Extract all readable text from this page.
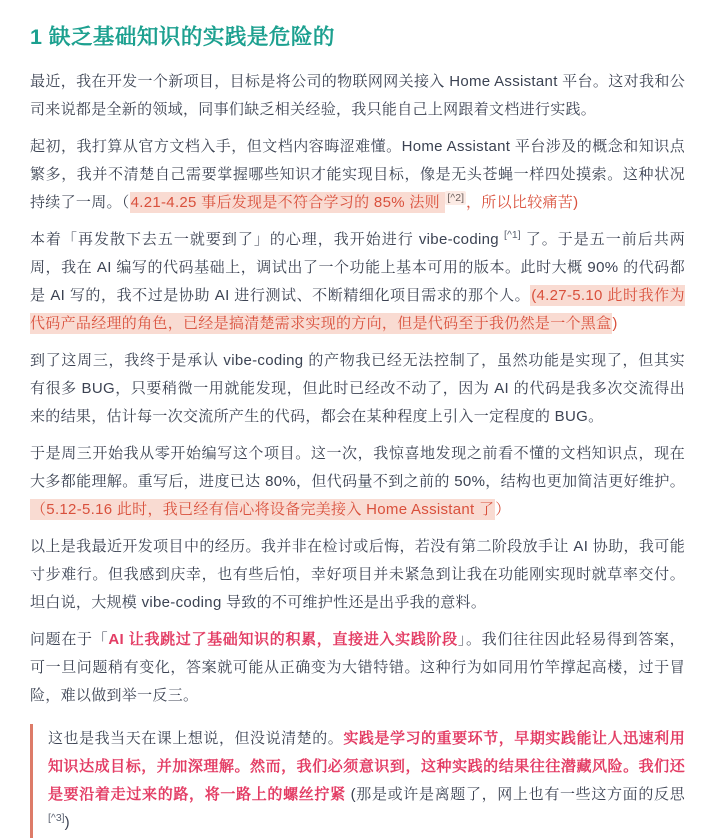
1 缺乏基础知识的实践是危险的

最近，我在开发一个新项目，目标是将公司的物联网网关接入 Home Assistant 平台。这对我和公司来说都是全新的领域，同事们缺乏相关经验，我只能自己上网跟着文档进行实践。

起初，我打算从官方文档入手，但文档内容晦涩难懂。Home Assistant 平台涉及的概念和知识点繁多，我并不清楚自己需要掌握哪些知识才能实现目标，像是无头苍蝇一样四处摸索。这种状况持续了一周。（4.21-4.25 事后发现是不符合学习的 85% 法则 [^2] ，所以比较痛苦)

本着「再发散下去五一就要到了」的心理，我开始进行 vibe-coding [^1] 了。于是五一前后共两周，我在 AI 编写的代码基础上，调试出了一个功能上基本可用的版本。此时大概 90% 的代码都是 AI 写的，我不过是协助 AI 进行测试、不断精细化项目需求的那个人。(4.27-5.10 此时我作为代码产品经理的角色，已经是搞清楚需求实现的方向，但是代码至于我仍然是一个黑盒)

到了这周三，我终于是承认 vibe-coding 的产物我已经无法控制了，虽然功能是实现了，但其实有很多 BUG，只要稍微一用就能发现，但此时已经改不动了，因为 AI 的代码是我多次交流得出来的结果，估计每一次交流所产生的代码，都会在某种程度上引入一定程度的 BUG。

于是周三开始我从零开始编写这个项目。这一次，我惊喜地发现之前看不懂的文档知识点，现在大多都能理解。重写后，进度已达 80%，但代码量不到之前的 50%，结构也更加简洁更好维护。（5.12-5.16 此时，我已经有信心将设备完美接入 Home Assistant 了）

以上是我最近开发项目中的经历。我并非在检讨或后悔，若没有第二阶段放手让 AI 协助，我可能寸步难行。但我感到庆幸，也有些后怕，幸好项目并未紧急到让我在功能刚实现时就草率交付。坦白说，大规模 vibe-coding 导致的不可维护性还是出乎我的意料。

问题在于「AI 让我跳过了基础知识的积累，直接进入实践阶段」。我们往往因此轻易得到答案，可一旦问题稍有变化，答案就可能从正确变为大错特错。这种行为如同用竹竿撑起高楼，过于冒险，难以做到举一反三。

这也是我当天在课上想说，但没说清楚的。实践是学习的重要环节，早期实践能让人迅速利用知识达成目标，并加深理解。然而，我们必须意识到，这种实践的结果往往潜藏风险。我们还是要沿着走过来的路，将一路上的螺丝拧紧 (那是或许是离题了，网上也有一些这方面的反思 [^3])
